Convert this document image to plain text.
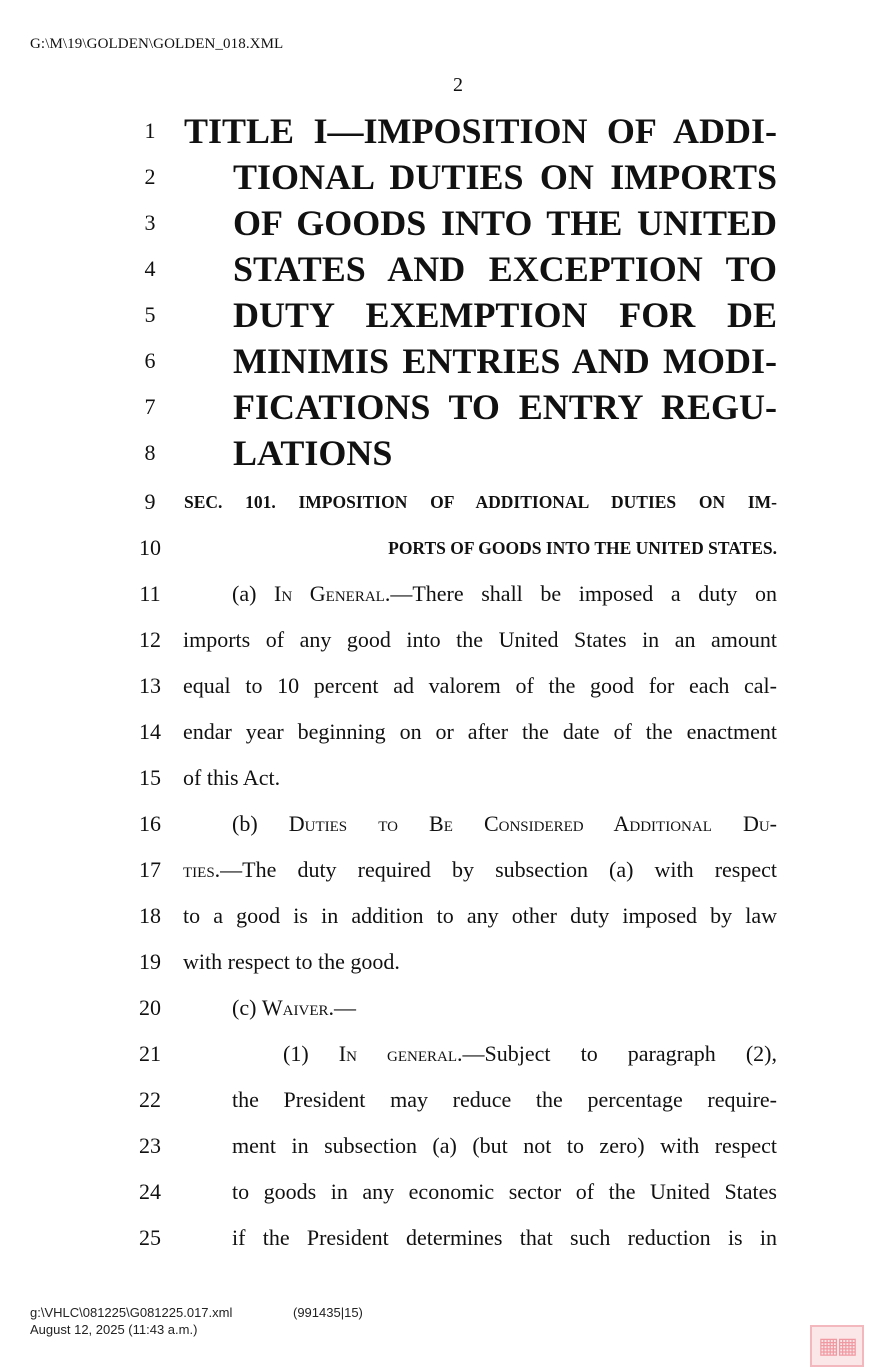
G:\M\19\GOLDEN\GOLDEN_018.XML
2
1 TITLE I—IMPOSITION OF ADDI-
2	TIONAL DUTIES ON IMPORTS
3	OF GOODS INTO THE UNITED
4	STATES AND EXCEPTION TO
5	DUTY EXEMPTION FOR DE
6	MINIMIS ENTRIES AND MODI-
7	FICATIONS TO ENTRY REGU-
8	LATIONS
9	SEC. 101. IMPOSITION OF ADDITIONAL DUTIES ON IM-
10	PORTS OF GOODS INTO THE UNITED STATES.
11	(a) In General.—There shall be imposed a duty on
12	imports of any good into the United States in an amount
13	equal to 10 percent ad valorem of the good for each cal-
14	endar year beginning on or after the date of the enactment
15	of this Act.
16	(b) Duties to Be Considered Additional Du-
17	ties.—The duty required by subsection (a) with respect
18	to a good is in addition to any other duty imposed by law
19	with respect to the good.
20	(c) Waiver.—
21	(1) In general.—Subject to paragraph (2),
22	the President may reduce the percentage require-
23	ment in subsection (a) (but not to zero) with respect
24	to goods in any economic sector of the United States
25	if the President determines that such reduction is in
g:\VHLC\081225\G081225.017.xml
August 12, 2025 (11:43 a.m.)
(991435|15)
▦▦
